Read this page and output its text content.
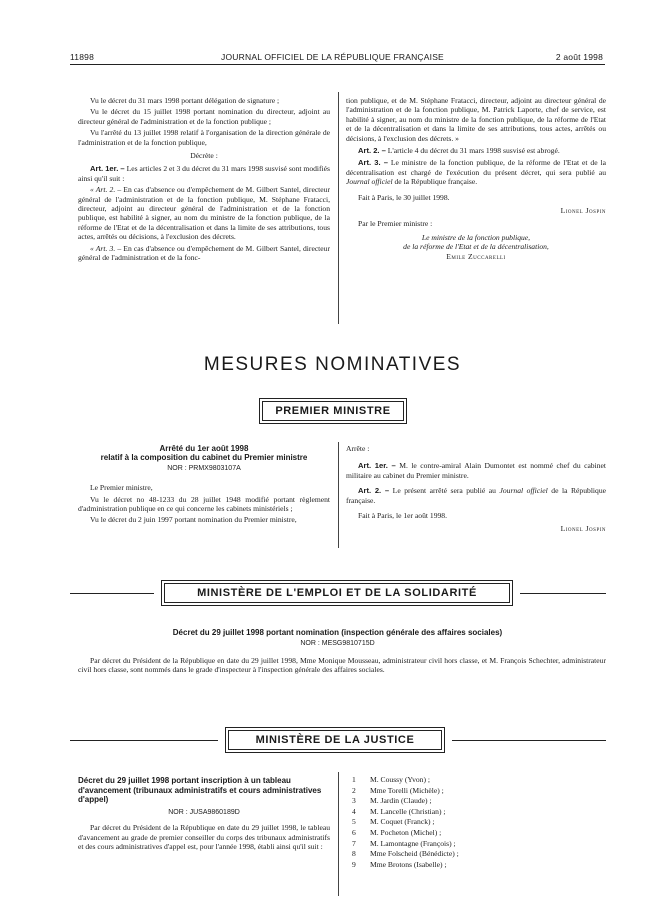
11898	JOURNAL OFFICIEL DE LA RÉPUBLIQUE FRANÇAISE	2 août 1998

Vu le décret du 31 mars 1998 portant délégation de signature ;

Vu le décret du 15 juillet 1998 portant nomination du directeur, adjoint au directeur général de l'administration et de la fonction publique ;

Vu l'arrêté du 13 juillet 1998 relatif à l'organisation de la direction générale de l'administration et de la fonction publique,

Décrète :

Art. 1er. – Les articles 2 et 3 du décret du 31 mars 1998 susvisé sont modifiés ainsi qu'il suit :

« Art. 2. – En cas d'absence ou d'empêchement de M. Gilbert Santel, directeur général de l'administration et de la fonction publique, M. Stéphane Fratacci, directeur, adjoint au directeur général de l'administration et de la fonction publique, est habilité à signer, au nom du ministre de la fonction publique, de la réforme de l'Etat et de la décentralisation et dans la limite de ses attributions, tous actes, arrêtés ou décisions, à l'exclusion des décrets.

« Art. 3. – En cas d'absence ou d'empêchement de M. Gilbert Santel, directeur général de l'administration et de la fonc-

tion publique, et de M. Stéphane Fratacci, directeur, adjoint au directeur général de l'administration et de la fonction publique, M. Patrick Laporte, chef de service, est habilité à signer, au nom du ministre de la fonction publique, de la réforme de l'Etat et de la décentralisation et dans la limite de ses attributions, tous actes, arrêtés ou décisions, à l'exclusion des décrets. »

Art. 2. – L'article 4 du décret du 31 mars 1998 susvisé est abrogé.

Art. 3. – Le ministre de la fonction publique, de la réforme de l'Etat et de la décentralisation est chargé de l'exécution du présent décret, qui sera publié au Journal officiel de la République française.

Fait à Paris, le 30 juillet 1998.

Lionel Jospin

Par le Premier ministre :

Le ministre de la fonction publique,

de la réforme de l'Etat et de la décentralisation,

Emile Zuccarelli

MESURES NOMINATIVES
PREMIER MINISTRE

Arrêté du 1er août 1998

relatif à la composition du cabinet du Premier ministre

NOR : PRMX9803107A

Le Premier ministre,

Vu le décret no 48-1233 du 28 juillet 1948 modifié portant règlement d'administration publique en ce qui concerne les cabinets ministériels ;

Vu le décret du 2 juin 1997 portant nomination du Premier ministre,

Arrête :

Art. 1er. – M. le contre-amiral Alain Dumontet est nommé chef du cabinet militaire au cabinet du Premier ministre.

Art. 2. – Le présent arrêté sera publié au Journal officiel de la République française.

Fait à Paris, le 1er août 1998.

Lionel Jospin

MINISTÈRE DE L'EMPLOI ET DE LA SOLIDARITÉ
Décret du 29 juillet 1998 portant nomination (inspection générale des affaires sociales)
NOR : MESG9810715D

Par décret du Président de la République en date du 29 juillet 1998, Mme Monique Mousseau, administrateur civil hors classe, et M. François Schechter, administrateur civil hors classe, sont nommés dans le grade d'inspecteur à l'inspection générale des affaires sociales.

MINISTÈRE DE LA JUSTICE

Décret du 29 juillet 1998 portant inscription à un tableau d'avancement (tribunaux administratifs et cours administratives d'appel)

NOR : JUSA9860189D

Par décret du Président de la République en date du 29 juillet 1998, le tableau d'avancement au grade de premier conseiller du corps des tribunaux administratifs et des cours administratives d'appel est, pour l'année 1998, établi ainsi qu'il suit :

1	M. Coussy (Yvon) ;
2	Mme Torelli (Michèle) ;
3	M. Jardin (Claude) ;
4	M. Lancelle (Christian) ;
5	M. Coquet (Franck) ;
6	M. Pocheton (Michel) ;
7	M. Lamontagne (François) ;
8	Mme Folscheid (Bénédicte) ;
9	Mme Brotons (Isabelle) ;
